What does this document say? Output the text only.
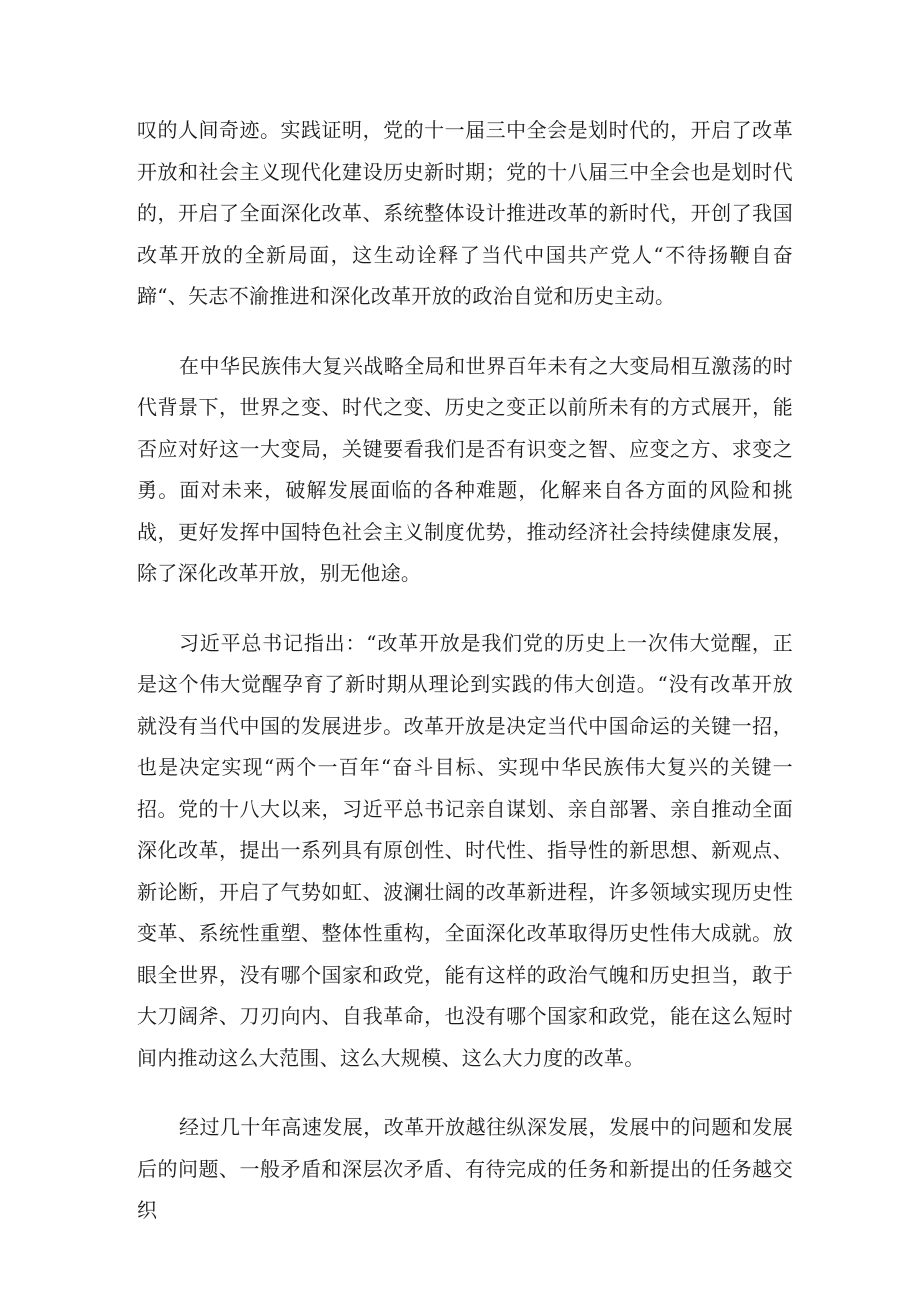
叹的人间奇迹。实践证明，党的十一届三中全会是划时代的，开启了改革开放和社会主义现代化建设历史新时期；党的十八届三中全会也是划时代的，开启了全面深化改革、系统整体设计推进改革的新时代，开创了我国改革开放的全新局面，这生动诠释了当代中国共产党人“不待扬鞭自奋蹄“、矢志不渝推进和深化改革开放的政治自觉和历史主动。

在中华民族伟大复兴战略全局和世界百年未有之大变局相互激荡的时代背景下，世界之变、时代之变、历史之变正以前所未有的方式展开，能否应对好这一大变局，关键要看我们是否有识变之智、应变之方、求变之勇。面对未来，破解发展面临的各种难题，化解来自各方面的风险和挑战，更好发挥中国特色社会主义制度优势，推动经济社会持续健康发展，除了深化改革开放，别无他途。

习近平总书记指出：“改革开放是我们党的历史上一次伟大觉醒，正是这个伟大觉醒孕育了新时期从理论到实践的伟大创造。“没有改革开放就没有当代中国的发展进步。改革开放是决定当代中国命运的关键一招，也是决定实现“两个一百年“奋斗目标、实现中华民族伟大复兴的关键一招。党的十八大以来，习近平总书记亲自谋划、亲自部署、亲自推动全面深化改革，提出一系列具有原创性、时代性、指导性的新思想、新观点、新论断，开启了气势如虹、波澜壮阔的改革新进程，许多领域实现历史性变革、系统性重塑、整体性重构，全面深化改革取得历史性伟大成就。放眼全世界，没有哪个国家和政党，能有这样的政治气魄和历史担当，敢于大刀阔斧、刀刃向内、自我革命，也没有哪个国家和政党，能在这么短时间内推动这么大范围、这么大规模、这么大力度的改革。

经过几十年高速发展，改革开放越往纵深发展，发展中的问题和发展后的问题、一般矛盾和深层次矛盾、有待完成的任务和新提出的任务越交织
